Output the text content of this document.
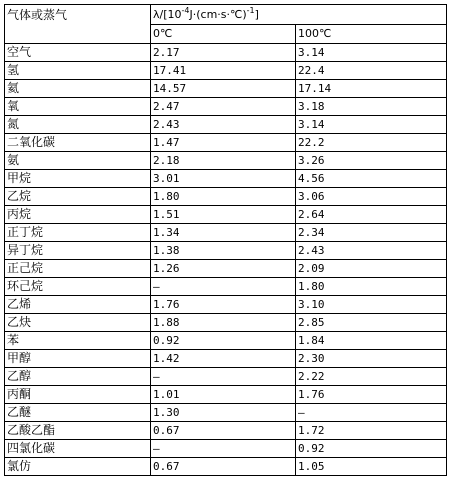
气体或蒸气	$\lambda/[10^{-4}J\cdot(cm\cdot s\cdot℃)^{-1}]$	
	0℃	100℃
空气	2.17	3.14
氢	17.41	22.4
氦	14.57	17.14
氧	2.47	3.18
氮	2.43	3.14
二氧化碳	1.47	22.2
氨	2.18	3.26
甲烷	3.01	4.56
乙烷	1.80	3.06
丙烷	1.51	2.64
正丁烷	1.34	2.34
异丁烷	1.38	2.43
正己烷	1.26	2.09
环己烷	—	1.80
乙烯	1.76	3.10
乙炔	1.88	2.85
苯	0.92	1.84
甲醇	1.42	2.30
乙醇	—	2.22
丙酮	1.01	1.76
乙醚	1.30	—
乙酸乙酯	0.67	1.72
四氯化碳	—	0.92
氯仿	0.67	1.05
